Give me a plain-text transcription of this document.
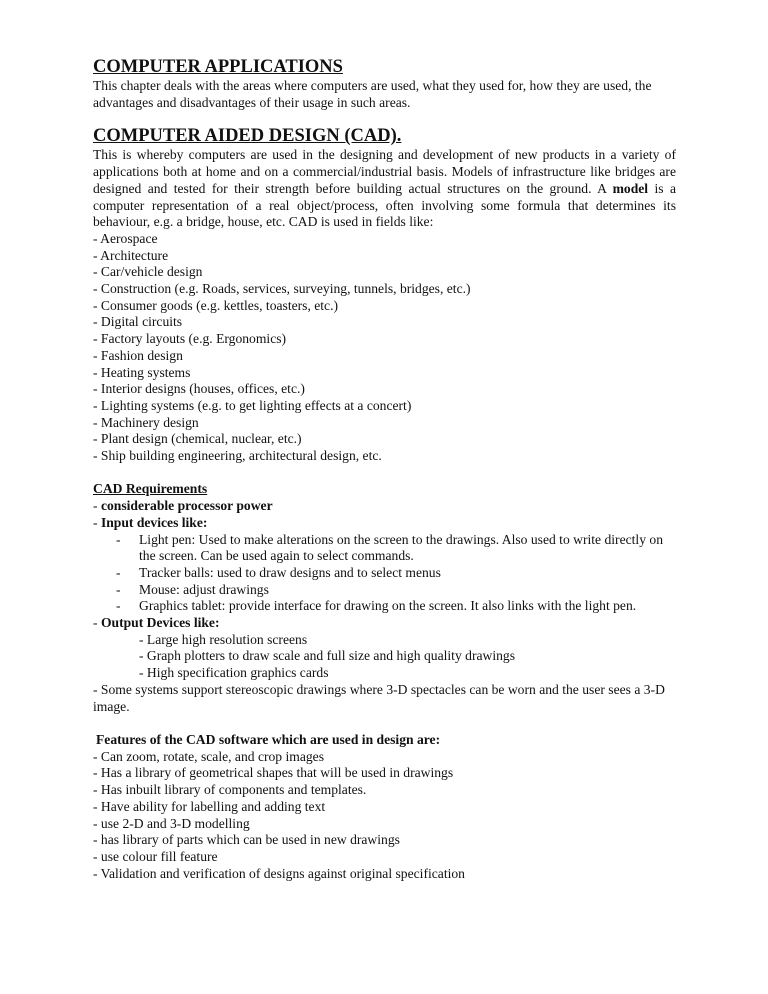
COMPUTER APPLICATIONS

This chapter deals with the areas where computers are used, what they used for, how they are used, the advantages and disadvantages of their usage in such areas.

COMPUTER AIDED DESIGN (CAD).

This is whereby computers are used in the designing and development of new products in a variety of applications both at home and on a commercial/industrial basis. Models of infrastructure like bridges are designed and tested for their strength before building actual structures on the ground. A model is a computer representation of a real object/process, often involving some formula that determines its behaviour, e.g. a bridge, house, etc. CAD is used in fields like:

- Aerospace
- Architecture
- Car/vehicle design
- Construction (e.g. Roads, services, surveying, tunnels, bridges, etc.)
- Consumer goods (e.g. kettles, toasters, etc.)
- Digital circuits
- Factory layouts (e.g. Ergonomics)
- Fashion design
- Heating systems
- Interior designs (houses, offices, etc.)
- Lighting systems (e.g. to get lighting effects at a concert)
- Machinery design
- Plant design (chemical, nuclear, etc.)
- Ship building engineering, architectural design, etc.

CAD Requirements

- considerable processor power

- Input devices like:

- Light pen: Used to make alterations on the screen to the drawings. Also used to write directly on the screen. Can be used again to select commands.
- Tracker balls: used to draw designs and to select menus
- Mouse: adjust drawings
- Graphics tablet: provide interface for drawing on the screen. It also links with the light pen.

- Output Devices like:

- Large high resolution screens
- Graph plotters to draw scale and full size and high quality drawings
- High specification graphics cards

- Some systems support stereoscopic drawings where 3-D spectacles can be worn and the user sees a 3-D image.

Features of the CAD software which are used in design are:

- Can zoom, rotate, scale, and crop images
- Has a library of geometrical shapes that will be used in drawings
- Has inbuilt library of components and templates.
- Have ability for labelling and adding text
- use 2-D and 3-D modelling
- has library of parts which can be used in new drawings
- use colour fill feature
- Validation and verification of designs against original specification
